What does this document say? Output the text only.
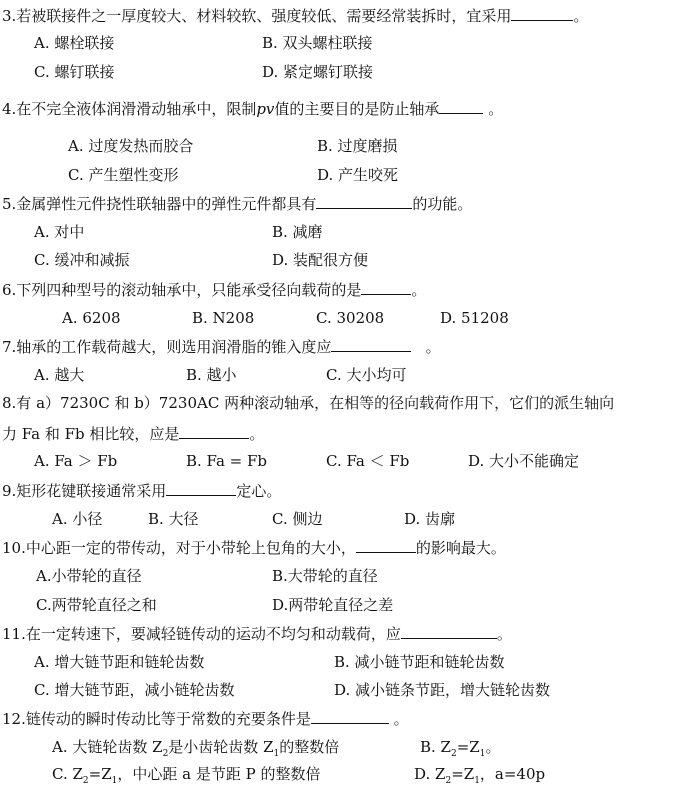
3.若被联接件之一厚度较大、材料较软、强度较低、需要经常装拆时，宜采用	。
A. 螺栓联接	B. 双头螺柱联接
C. 螺钉联接	D. 紧定螺钉联接
4.在不完全液体润滑滑动轴承中，限制pv值的主要目的是防止轴承	。
A. 过度发热而胶合	B. 过度磨损
C. 产生塑性变形	D. 产生咬死
5.金属弹性元件挠性联轴器中的弹性元件都具有	的功能。
A. 对中	B. 减磨
C. 缓冲和减振	D. 装配很方便
6.下列四种型号的滚动轴承中，只能承受径向载荷的是	。
A. 6208	B. N208	C. 30208	D. 51208
7.轴承的工作载荷越大，则选用润滑脂的锥入度应	。
A. 越大	B. 越小	C. 大小均可
8.有 a）7230C 和 b）7230AC 两种滚动轴承，在相等的径向载荷作用下，它们的派生轴向
力 Fa 和 Fb 相比较，应是	。
A. Fa ＞ Fb	B. Fa = Fb	C. Fa ＜ Fb	D. 大小不能确定
9.矩形花键联接通常采用	定心。
A. 小径	B. 大径	C. 侧边	D. 齿廓
10.中心距一定的带传动，对于小带轮上包角的大小，	的影响最大。
A.小带轮的直径	B.大带轮的直径
C.两带轮直径之和	D.两带轮直径之差
11.在一定转速下，要减轻链传动的运动不均匀和动载荷，应	。
A. 增大链节距和链轮齿数	B. 减小链节距和链轮齿数
C. 增大链节距，减小链轮齿数	D. 减小链条节距，增大链轮齿数
12.链传动的瞬时传动比等于常数的充要条件是	。
A. 大链轮齿数 $Z_2$是小齿轮齿数 $Z_1$的整数倍	B. $Z_2=Z_1$。
C. $Z_2=Z_1$，中心距 a 是节距 P 的整数倍	D. $Z_2=Z_1$，a=40p
